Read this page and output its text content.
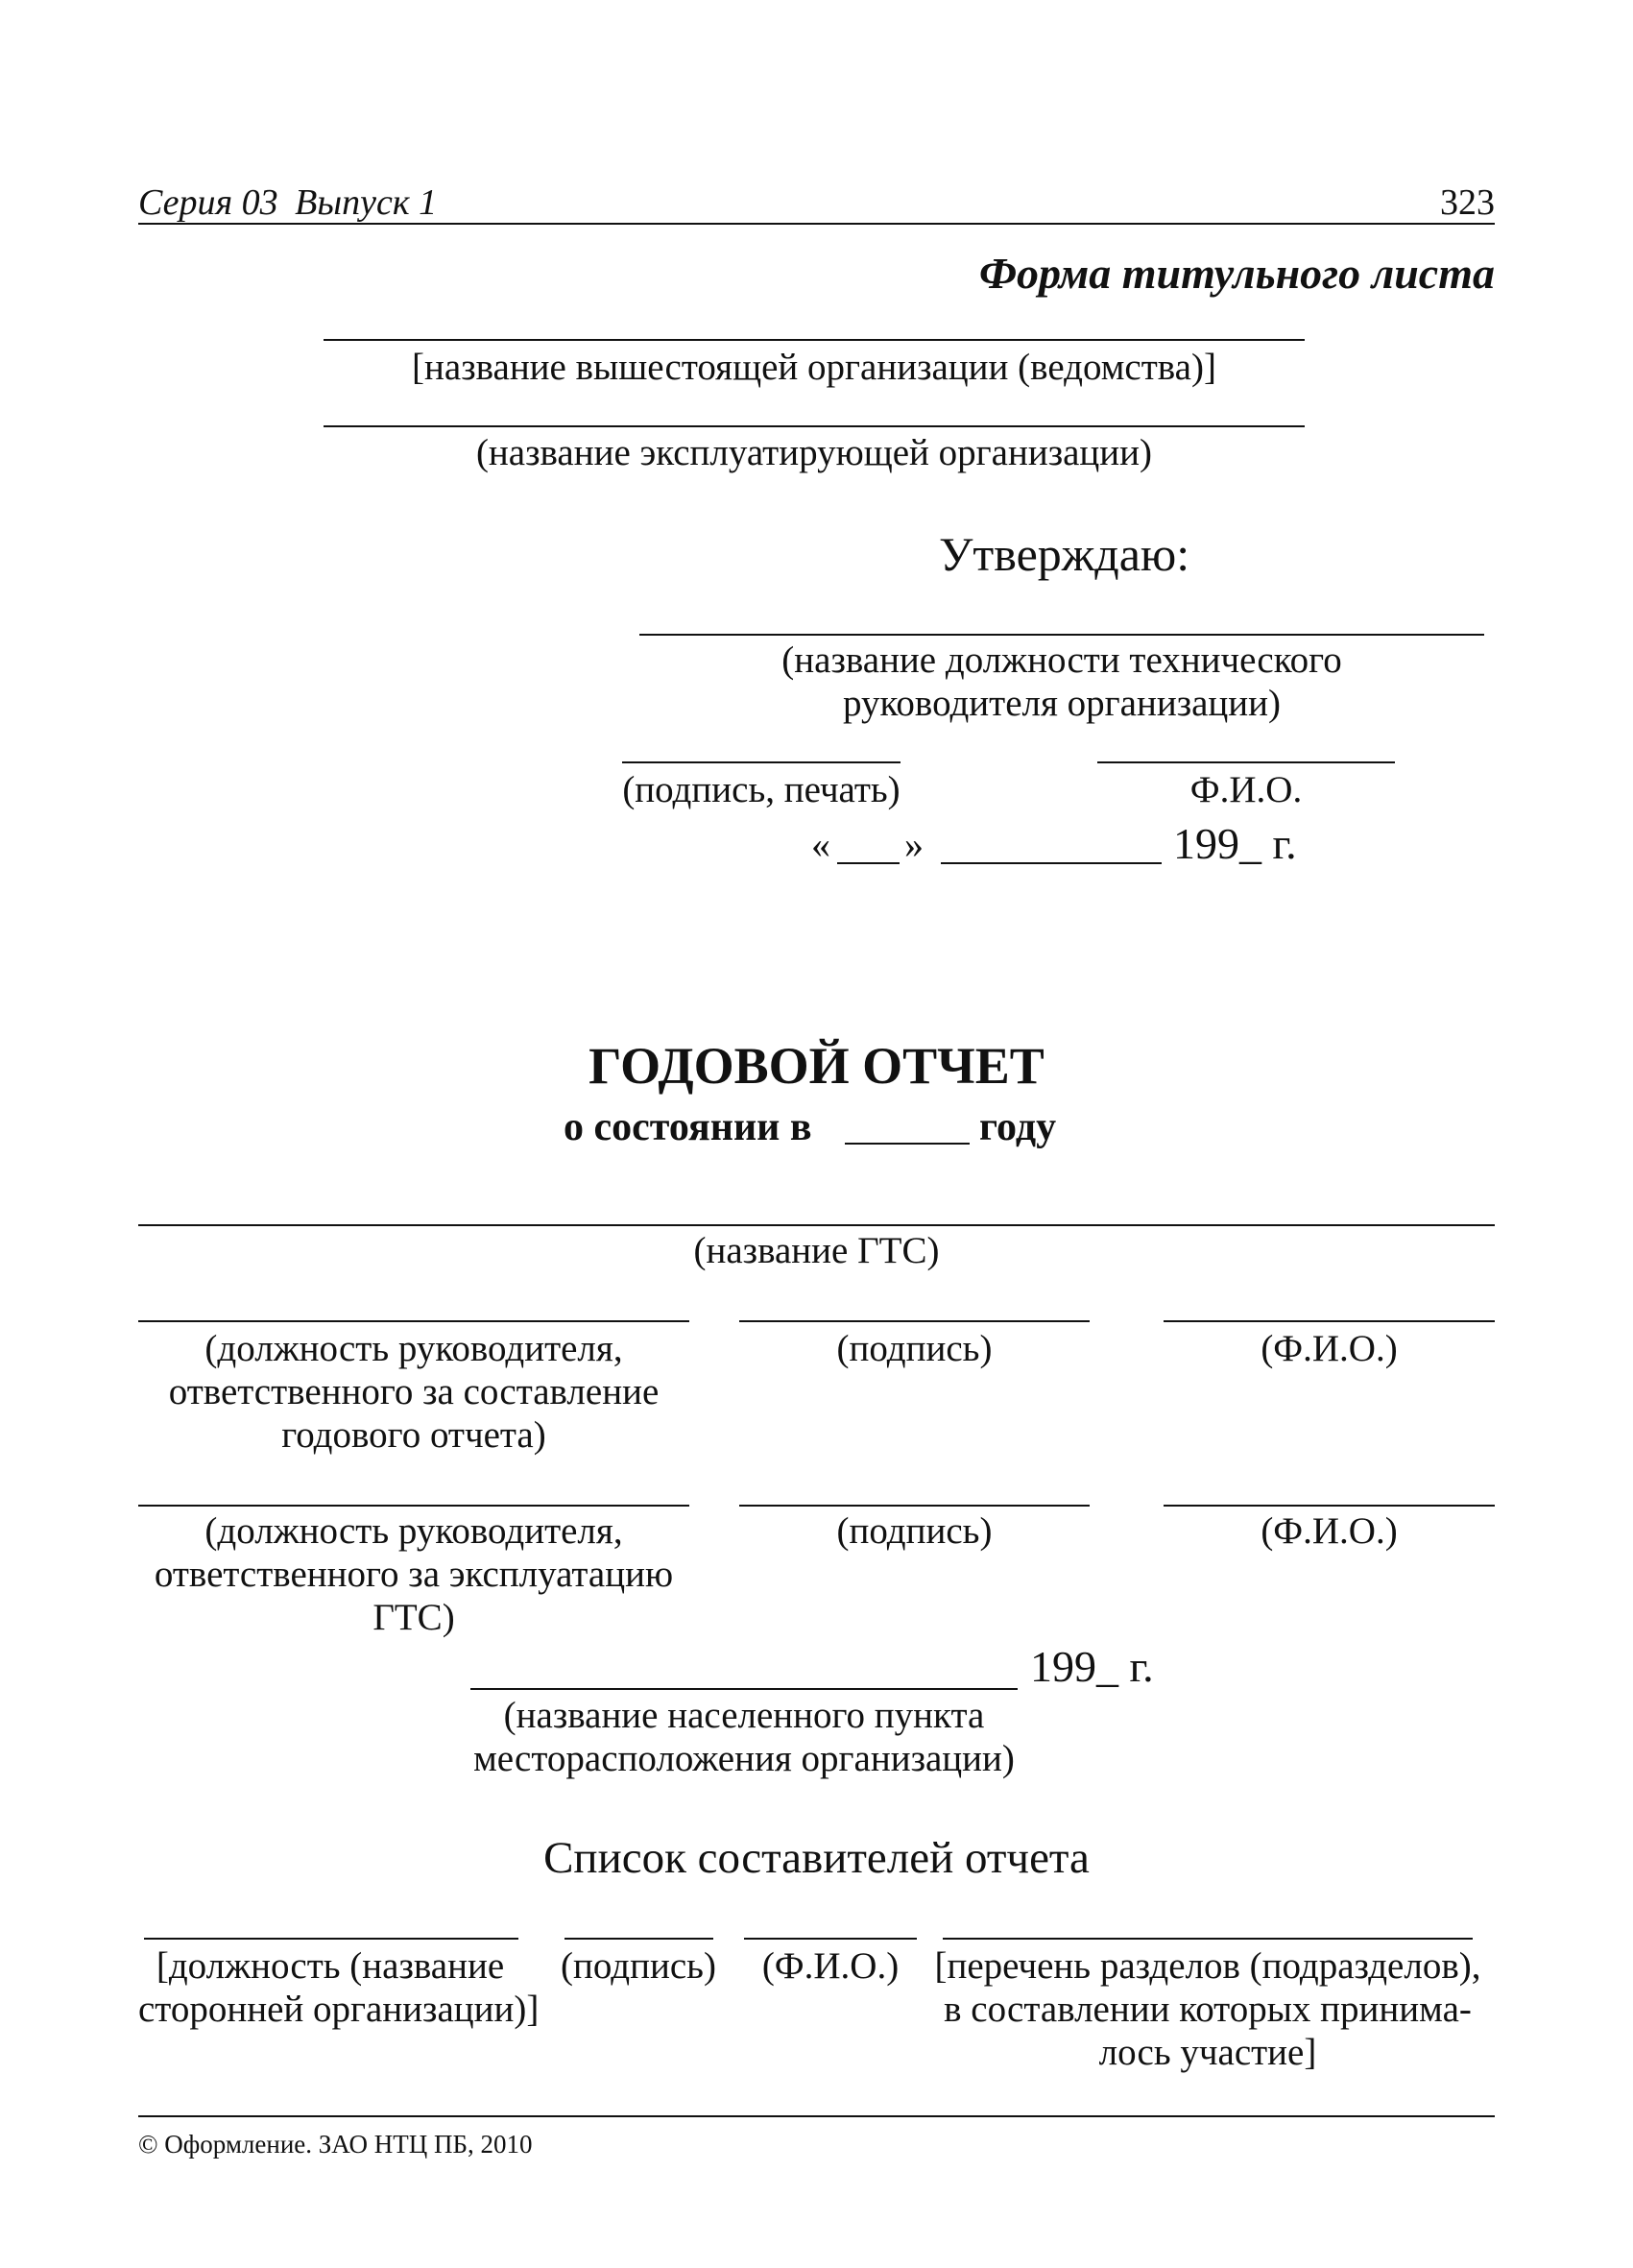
Серия 03 Выпуск 1	323
Форма титульного листа
[название вышестоящей организации (ведомства)]
(название эксплуатирующей организации)
Утверждаю:
(название должности технического
руководителя организации)
(подпись, печать)	Ф.И.О.
« »	199_ г.
ГОДОВОЙ ОТЧЕТ
о состоянии в	году
(название ГТС)
(должность руководителя,
ответственного за составление
годового отчета)
(подпись)	(Ф.И.О.)
(должность руководителя,
ответственного за эксплуатацию
ГТС)
(подпись)	(Ф.И.О.)
199_ г.
(название населенного пункта
месторасположения организации)
Список составителей отчета
[должность (название
сторонней организации)]
(подпись)	(Ф.И.О.) [перечень разделов (подразделов),
в составлении которых принима-
лось участие]
© Оформление. ЗАО НТЦ ПБ, 2010
